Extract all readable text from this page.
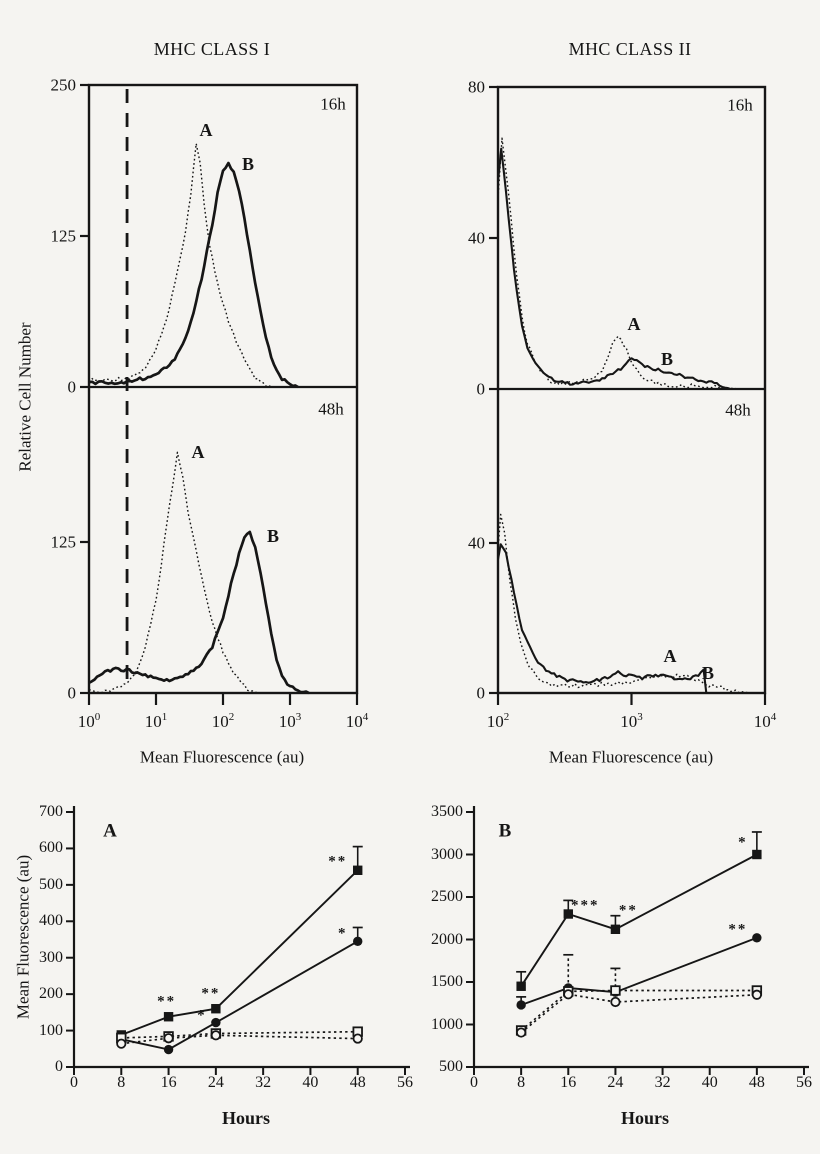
MHC CLASS I	MHC CLASS II
Relative Cell Number
Mean Fluorescence (au)	Mean Fluorescence (au)
16h
48h
16h
48h
A
B
A
B
A
B
A
B
A	B
Mean Fluorescence (au)
Hours	Hours
250
125
0
125
0
$10^0$	$10^1$	$10^2$	$10^3$	$10^4$
80
40
0
40
0
$10^2$	$10^3$	$10^4$
0
100
200
300
400
500
600
700
0 8 16 24 32 40 48 56
**
**
**
*
*
500
1000
1500
2000
2500
3000
3500
0 8 16 24 32 40 48 56
*** **
*
**
